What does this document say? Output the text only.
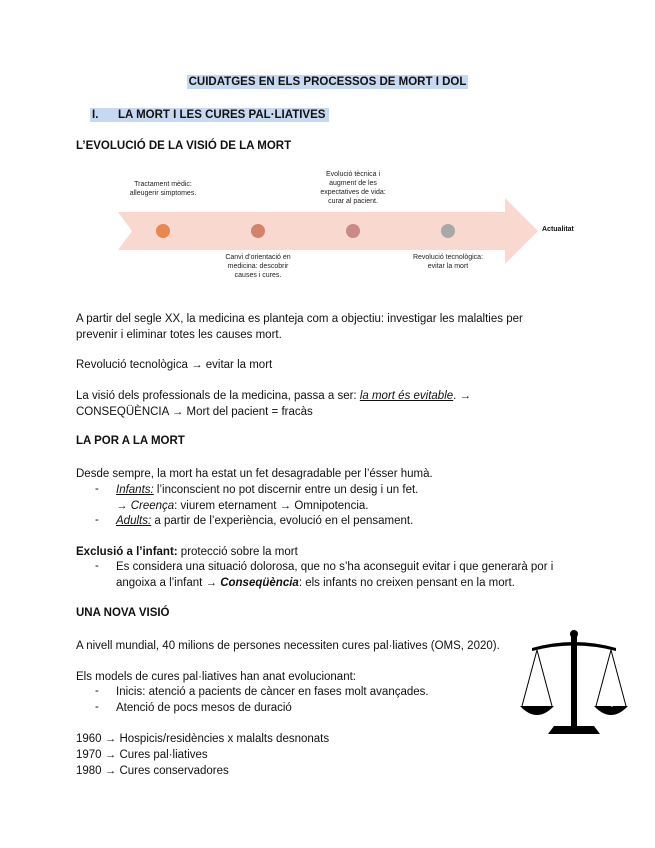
CUIDATGES EN ELS PROCESSOS DE MORT I DOL
I. LA MORT I LES CURES PAL·LIATIVES
L’EVOLUCIÓ DE LA VISIÓ DE LA MORT
Tractament mèdic: alleugerir simptomes.
Evolució tècnica i augment de les expectatives de vida: curar al pacient.
Canvi d’orientació en medicina: descobrir causes i cures.
Revolució tecnològica: evitar la mort
Actualitat
A partir del segle XX, la medicina es planteja com a objectiu: investigar les malalties per
prevenir i eliminar totes les causes mort.
Revolució tecnològica → evitar la mort
La visió dels professionals de la medicina, passa a ser: la mort és evitable. →
CONSEQÜÈNCIA → Mort del pacient = fracàs
LA POR A LA MORT
Desde sempre, la mort ha estat un fet desagradable per l’ésser humà.
- Infants: l’inconscient no pot discernir entre un desig i un fet.
→ Creença: viurem eternament → Omnipotencia.
- Adults: a partir de l’experiència, evolució en el pensament.
Exclusió a l’infant: protecció sobre la mort
- Es considera una situació dolorosa, que no s’ha aconseguit evitar i que generarà por i
angoixa a l’infant → Conseqüència: els infants no creixen pensant en la mort.
UNA NOVA VISIÓ
A nivell mundial, 40 milions de persones necessiten cures pal·liatives (OMS, 2020).
Els models de cures pal·liatives han anat evolucionant:
- Inicis: atenció a pacients de càncer en fases molt avançades.
- Atenció de pocs mesos de duració
1960 → Hospicis/residències x malalts desnonats
1970 → Cures pal·liatives
1980 → Cures conservadores
Curar	Alleugerir
